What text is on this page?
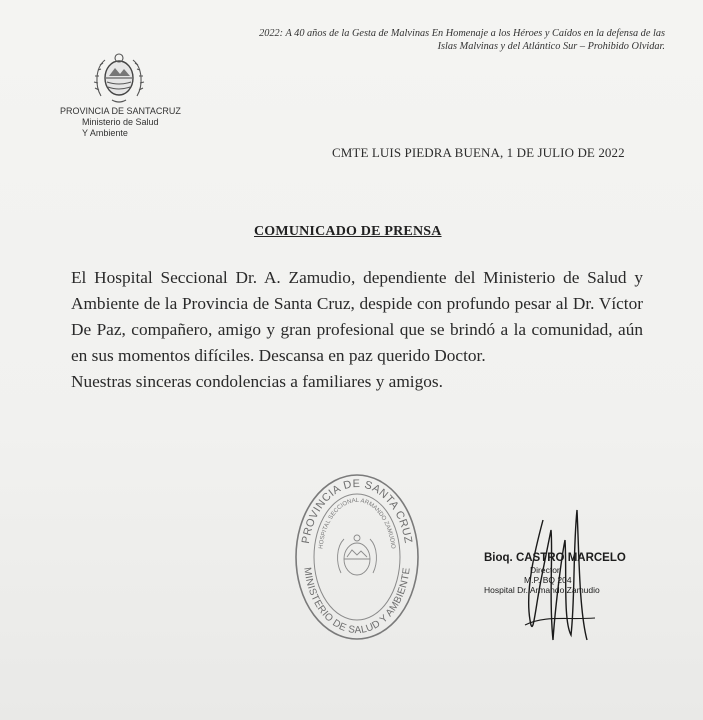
2022: A 40 años de la Gesta de Malvinas En Homenaje a los Héroes y Caídos en la defensa de las Islas Malvinas y del Atlántico Sur – Prohibido Olvidar.
PROVINCIA DE SANTACRUZ
Ministerio de Salud
Y Ambiente
CMTE LUIS PIEDRA BUENA, 1 DE JULIO DE 2022
COMUNICADO DE PRENSA

El Hospital Seccional Dr. A. Zamudio, dependiente del Ministerio de Salud y Ambiente de la Provincia de Santa Cruz, despide con profundo pesar al Dr. Víctor De Paz, compañero, amigo y gran profesional que se brindó a la comunidad, aún en sus momentos difíciles. Descansa en paz querido Doctor.

Nuestras sinceras condolencias a familiares y amigos.

PROVINCIA DE SANTA CRUZ
HOSPITAL SECCIONAL ARMANDO ZAMUDIO
MINISTERIO DE SALUD Y AMBIENTE
Bioq. CASTRO MARCELO
Director
M.P. BQ 204
Hospital Dr. Armando Zamudio
